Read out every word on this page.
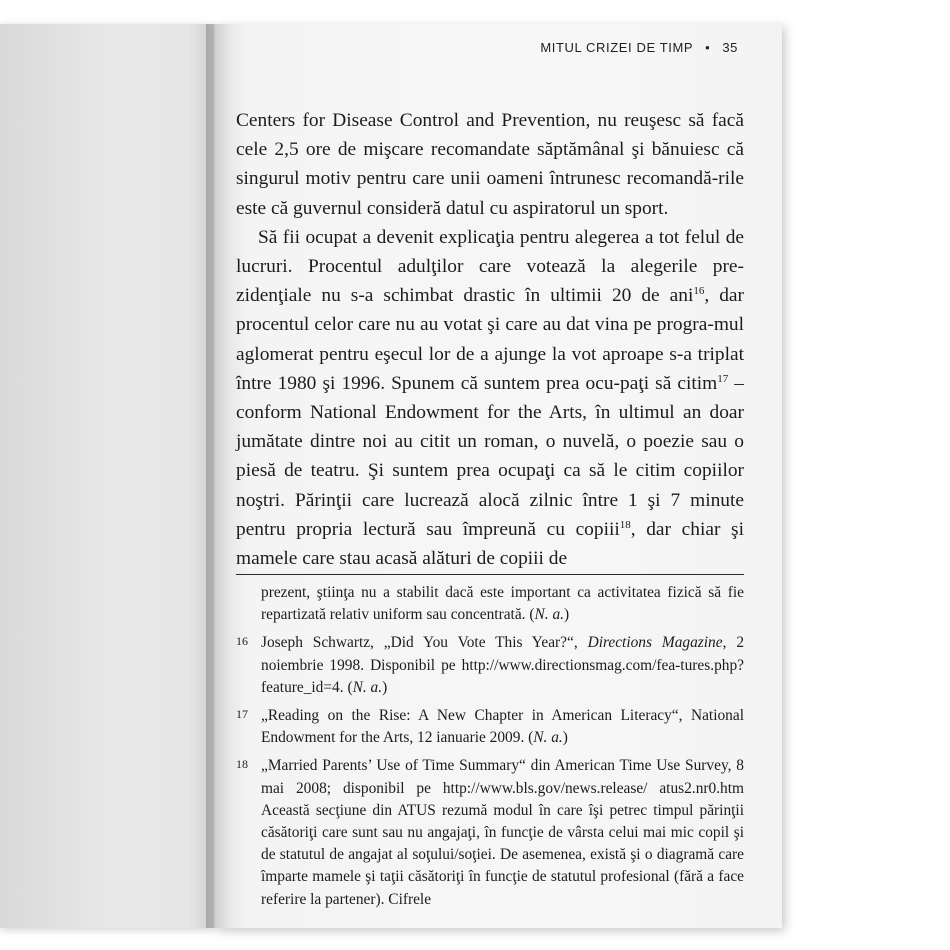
MITUL CRIZEI DE TIMP • 35

Centers for Disease Control and Prevention, nu reuşesc să facă cele 2,5 ore de mişcare recomandate săptămânal şi bănuiesc că singurul motiv pentru care unii oameni întrunesc recomandă-rile este că guvernul consideră datul cu aspiratorul un sport.

Să fii ocupat a devenit explicaţia pentru alegerea a tot felul de lucruri. Procentul adulţilor care votează la alegerile pre-zidenţiale nu s-a schimbat drastic în ultimii 20 de ani$^{16}$, dar procentul celor care nu au votat şi care au dat vina pe progra-mul aglomerat pentru eşecul lor de a ajunge la vot aproape s-a triplat între 1980 şi 1996. Spunem că suntem prea ocu-paţi să citim$^{17}$ – conform National Endowment for the Arts, în ultimul an doar jumătate dintre noi au citit un roman, o nuvelă, o poezie sau o piesă de teatru. Şi suntem prea ocupaţi ca să le citim copiilor noştri. Părinţii care lucrează alocă zilnic între 1 şi 7 minute pentru propria lectură sau împreună cu copiii$^{18}$, dar chiar şi mamele care stau acasă alături de copiii de

prezent, ştiinţa nu a stabilit dacă este important ca activitatea fizică să fie repartizată relativ uniform sau concentrată. (N. a.)
16 Joseph Schwartz, „Did You Vote This Year?“, Directions Magazine, 2 noiembrie 1998. Disponibil pe http://www.directionsmag.com/fea-tures.php?feature_id=4. (N. a.)
17 „Reading on the Rise: A New Chapter in American Literacy“, National Endowment for the Arts, 12 ianuarie 2009. (N. a.)
18 „Married Parents’ Use of Time Summary“ din American Time Use Survey, 8 mai 2008; disponibil pe http://www.bls.gov/news.release/ atus2.nr0.htm Această secţiune din ATUS rezumă modul în care îşi petrec timpul părinţii căsătoriţi care sunt sau nu angajaţi, în funcţie de vârsta celui mai mic copil şi de statutul de angajat al soţului/soţiei. De asemenea, există şi o diagramă care împarte mamele şi taţii căsătoriţi în funcţie de statutul profesional (fără a face referire la partener). Cifrele
